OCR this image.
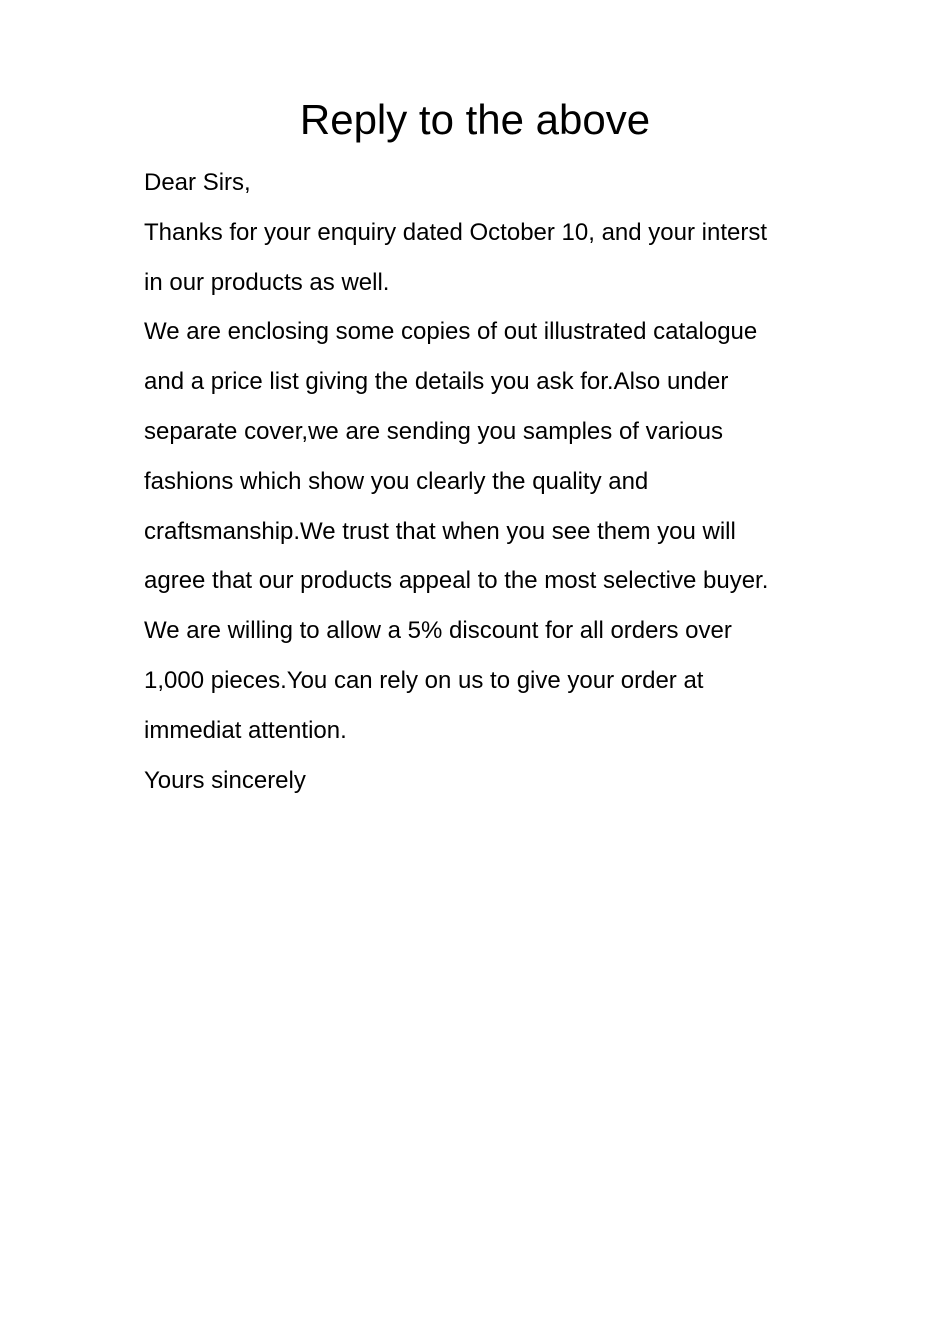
Reply to the above
Dear Sirs,
Thanks for your enquiry dated October 10, and your interst
in our products as well.
We are enclosing some copies of out illustrated catalogue
and a price list giving the details you ask for.Also under
separate cover,we are sending you samples of various
fashions which show you clearly the quality and
craftsmanship.We trust that when you see them you will
agree that our products appeal to the most selective buyer.
We are willing to allow a 5% discount for all orders over
1,000 pieces.You can rely on us to give your order at
immediat attention.
Yours sincerely
